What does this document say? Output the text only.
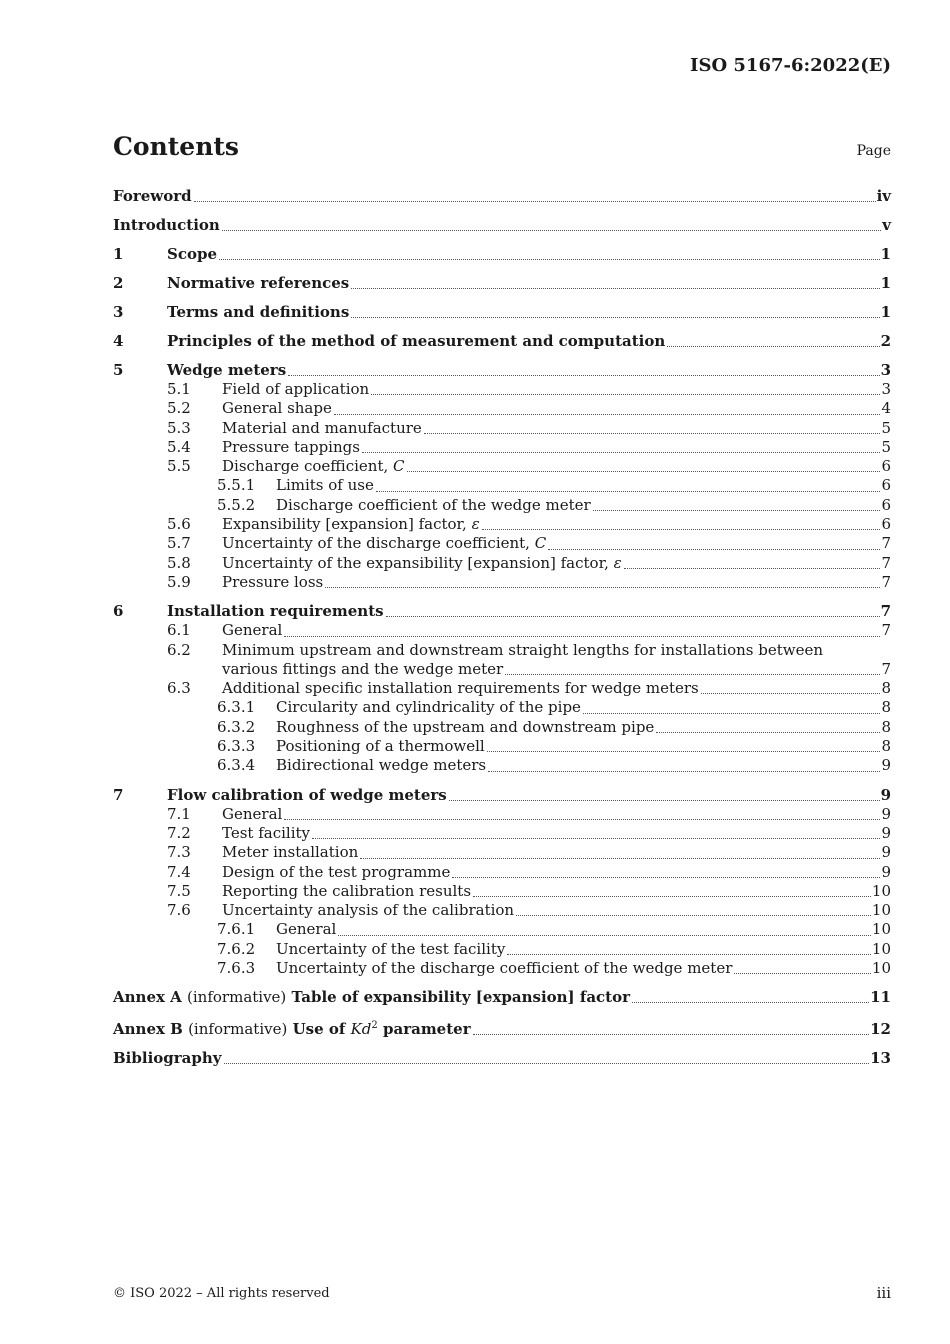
ISO 5167-6:2022(E)
Contents	Page
Foreword	iv
Introduction	v
1	Scope	1
2	Normative references	1
3	Terms and definitions	1
4	Principles of the method of measurement and computation	2
5	Wedge meters	3
5.1	Field of application	3
5.2	General shape	4
5.3	Material and manufacture	5
5.4	Pressure tappings	5
5.5	Discharge coefficient, C	6
5.5.1	Limits of use	6
5.5.2	Discharge coefficient of the wedge meter	6
5.6	Expansibility [expansion] factor, ε	6
5.7	Uncertainty of the discharge coefficient, C	7
5.8	Uncertainty of the expansibility [expansion] factor, ε	7
5.9	Pressure loss	7
6	Installation requirements	7
6.1	General	7
6.2	Minimum upstream and downstream straight lengths for installations between
various fittings and the wedge meter	7
6.3	Additional specific installation requirements for wedge meters	8
6.3.1	Circularity and cylindricality of the pipe	8
6.3.2	Roughness of the upstream and downstream pipe	8
6.3.3	Positioning of a thermowell	8
6.3.4	Bidirectional wedge meters	9
7	Flow calibration of wedge meters	9
7.1	General	9
7.2	Test facility	9
7.3	Meter installation	9
7.4	Design of the test programme	9
7.5	Reporting the calibration results	10
7.6	Uncertainty analysis of the calibration	10
7.6.1	General	10
7.6.2	Uncertainty of the test facility	10
7.6.3	Uncertainty of the discharge coefficient of the wedge meter	10
Annex A (informative) Table of expansibility [expansion] factor	11
Annex B (informative) Use of Kd$^2$ parameter	12
Bibliography	13
© ISO 2022 – All rights reserved	iii
